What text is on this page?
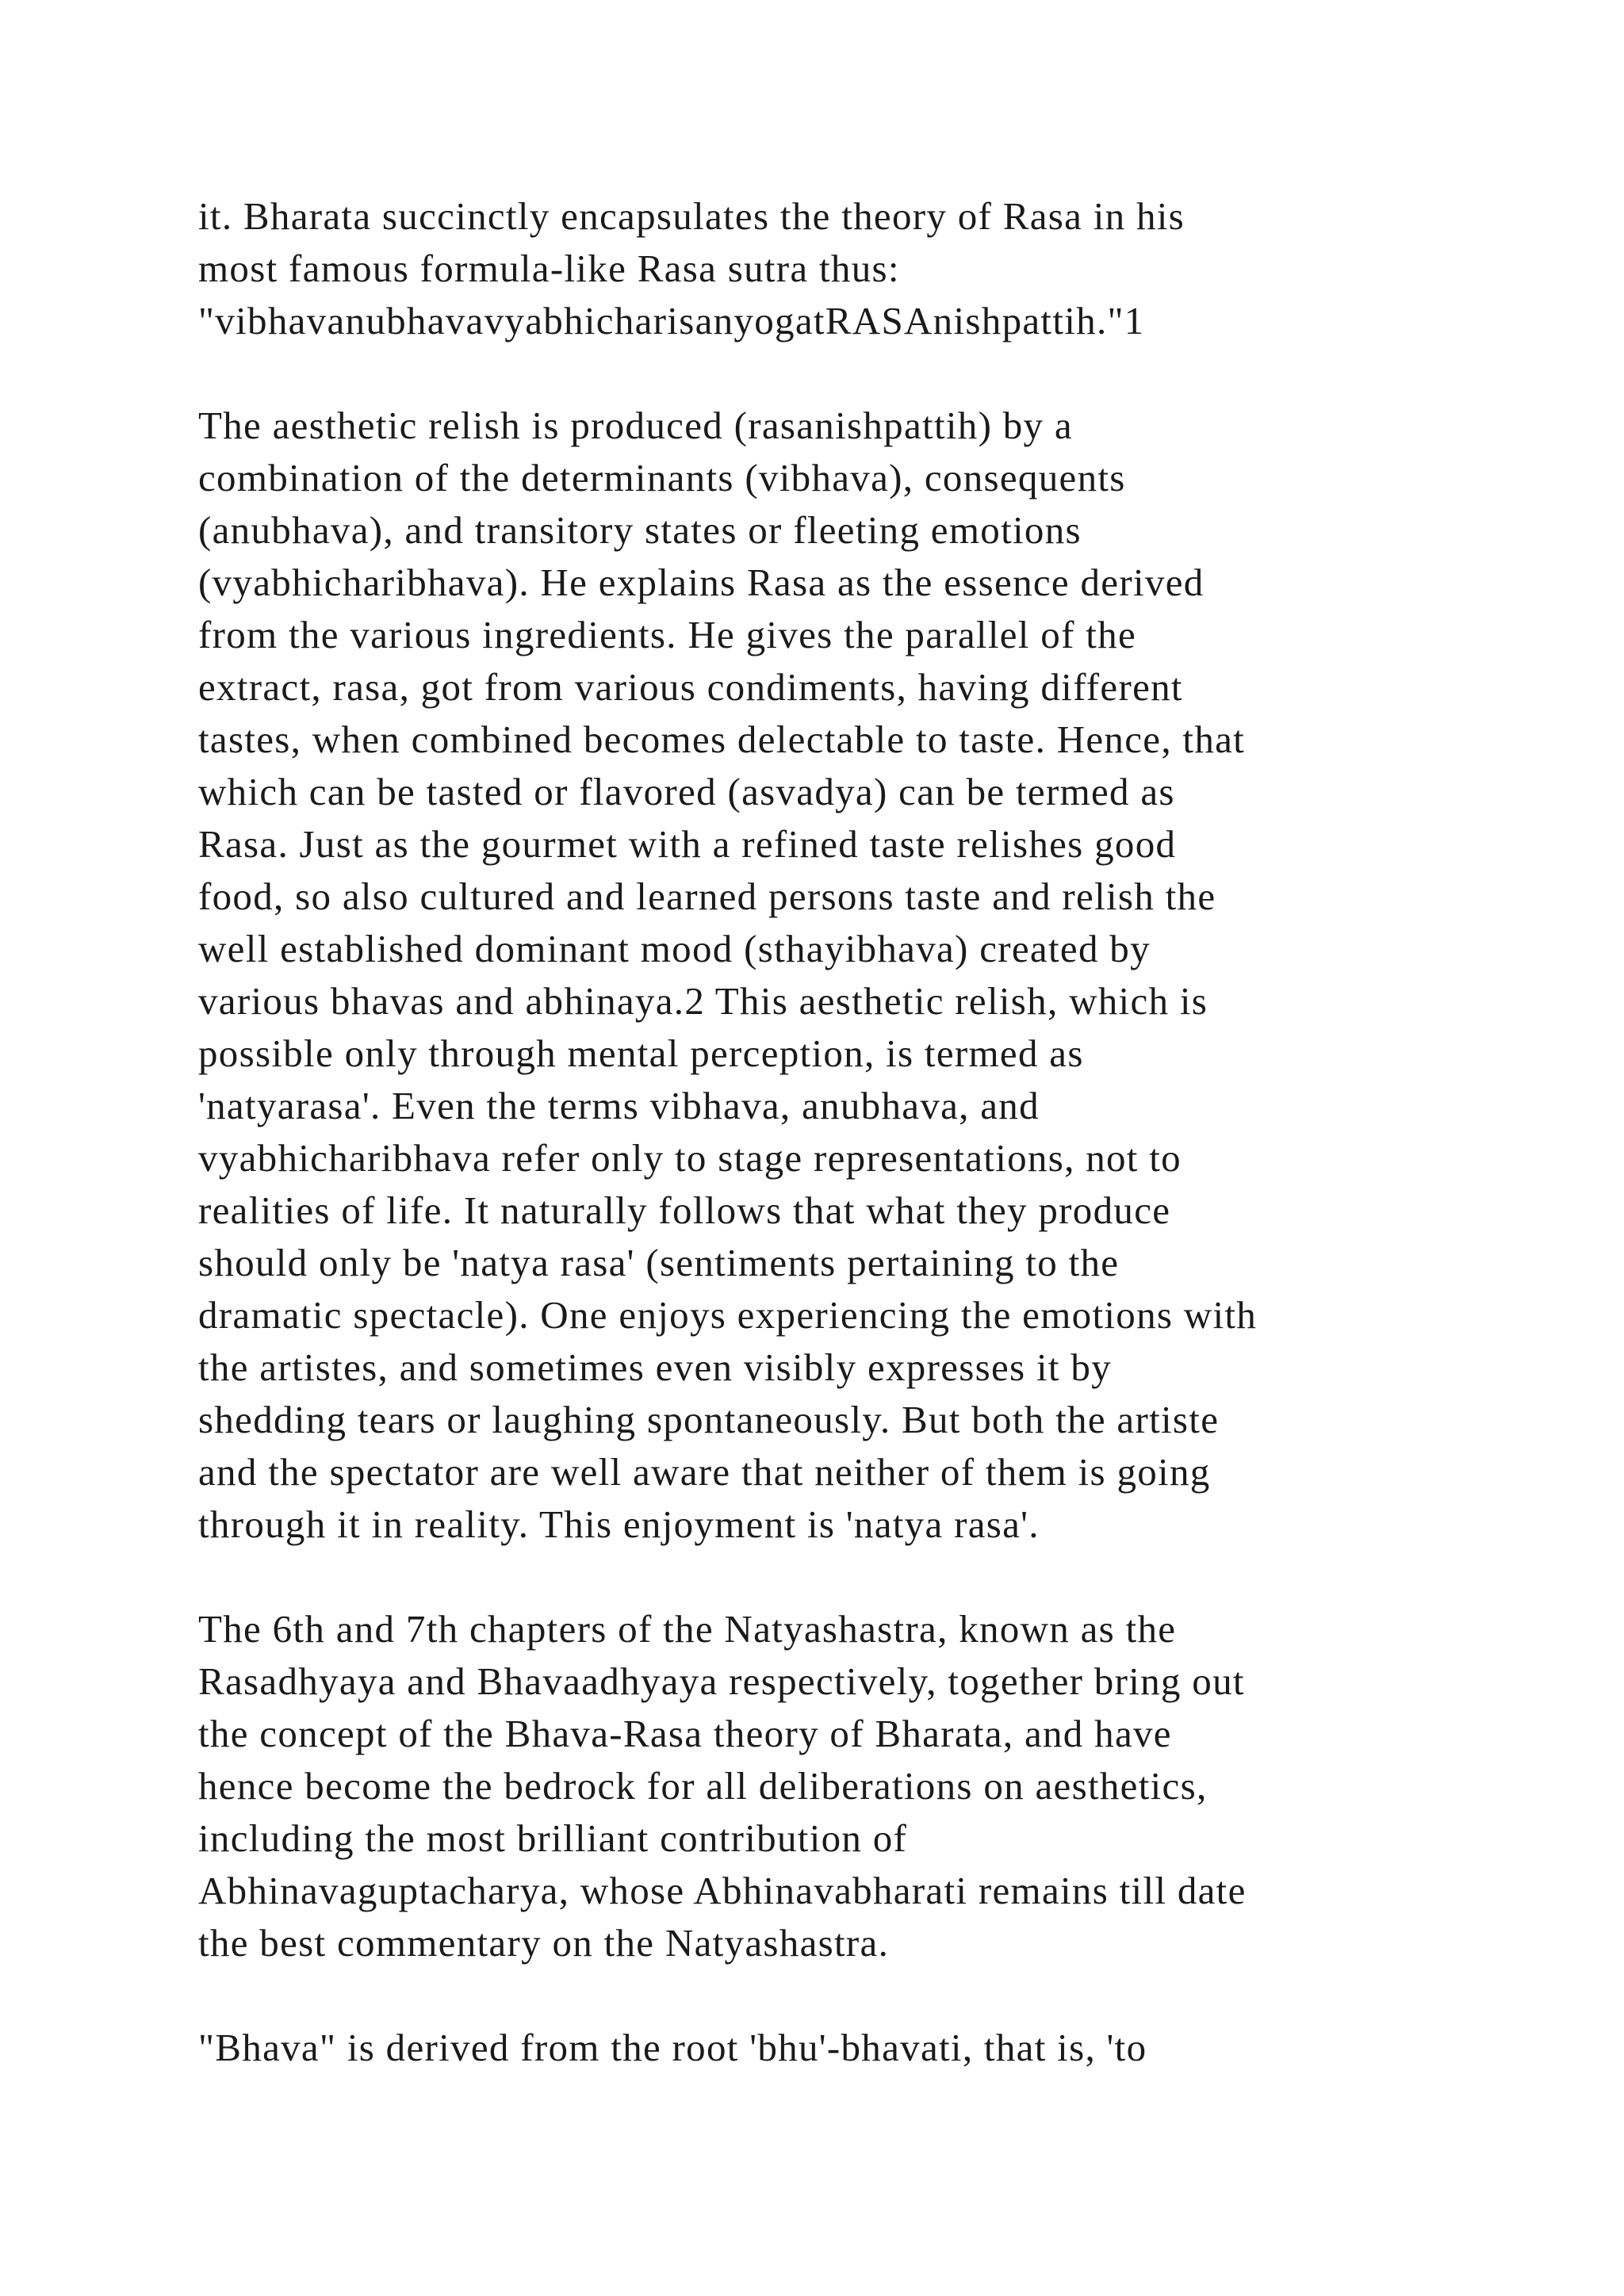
it. Bharata succinctly encapsulates the theory of Rasa in his
most famous formula-like Rasa sutra thus:
"vibhavanubhavavyabhicharisanyogatRASAnishpattih."1

The aesthetic relish is produced (rasanishpattih) by a
combination of the determinants (vibhava), consequents
(anubhava), and transitory states or fleeting emotions
(vyabhicharibhava). He explains Rasa as the essence derived
from the various ingredients. He gives the parallel of the
extract, rasa, got from various condiments, having different
tastes, when combined becomes delectable to taste. Hence, that
which can be tasted or flavored (asvadya) can be termed as
Rasa. Just as the gourmet with a refined taste relishes good
food, so also cultured and learned persons taste and relish the
well established dominant mood (sthayibhava) created by
various bhavas and abhinaya.2 This aesthetic relish, which is
possible only through mental perception, is termed as
'natyarasa'. Even the terms vibhava, anubhava, and
vyabhicharibhava refer only to stage representations, not to
realities of life. It naturally follows that what they produce
should only be 'natya rasa' (sentiments pertaining to the
dramatic spectacle). One enjoys experiencing the emotions with
the artistes, and sometimes even visibly expresses it by
shedding tears or laughing spontaneously. But both the artiste
and the spectator are well aware that neither of them is going
through it in reality. This enjoyment is 'natya rasa'.

The 6th and 7th chapters of the Natyashastra, known as the
Rasadhyaya and Bhavaadhyaya respectively, together bring out
the concept of the Bhava-Rasa theory of Bharata, and have
hence become the bedrock for all deliberations on aesthetics,
including the most brilliant contribution of
Abhinavaguptacharya, whose Abhinavabharati remains till date
the best commentary on the Natyashastra.

"Bhava" is derived from the root 'bhu'-bhavati, that is, 'to
